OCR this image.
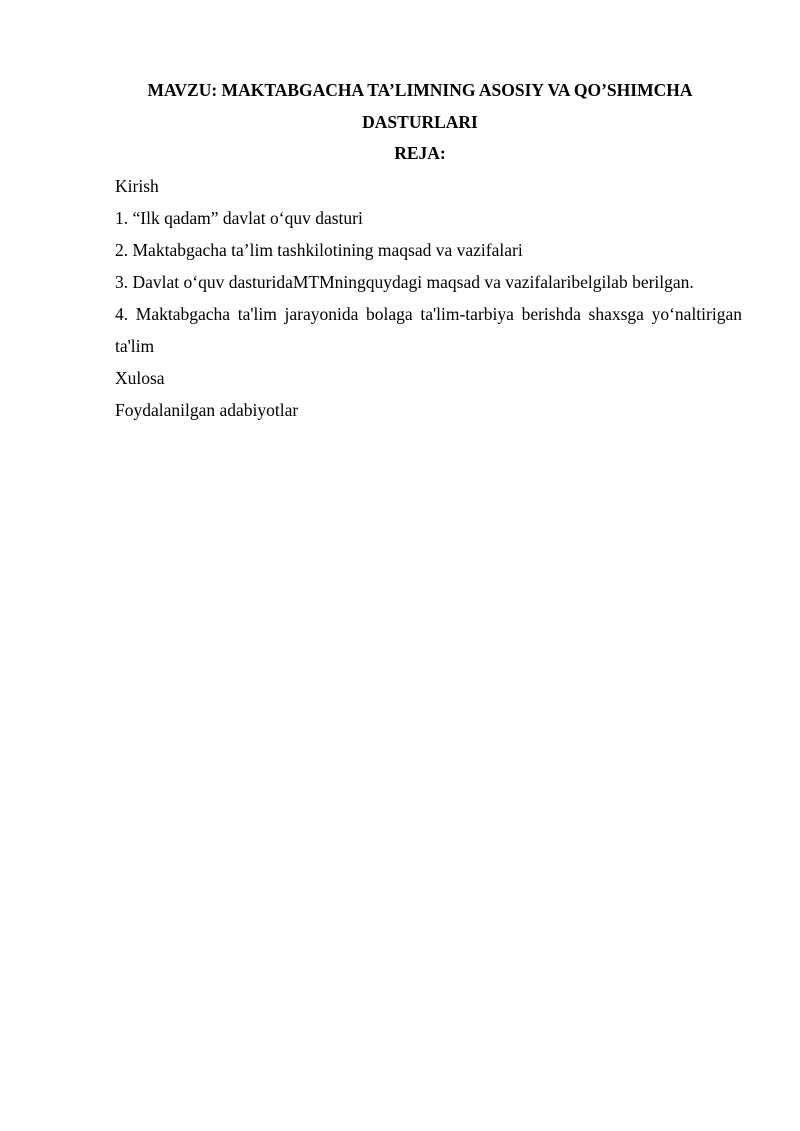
MAVZU: MAKTABGACHA TA’LIMNING ASOSIY VA QO’SHIMCHA DASTURLARI
REJA:

Kirish

1. “Ilk qadam” davlat o‘quv dasturi

2. Maktabgacha ta’lim tashkilotining maqsad va vazifalari

3. Davlat o‘quv dasturidaMTMningquydagi maqsad va vazifalaribelgilab berilgan.

4. Maktabgacha ta'lim jarayonida bolaga ta'lim-tarbiya berishda shaxsga yo‘naltirigan ta'lim

Xulosa

Foydalanilgan adabiyotlar
